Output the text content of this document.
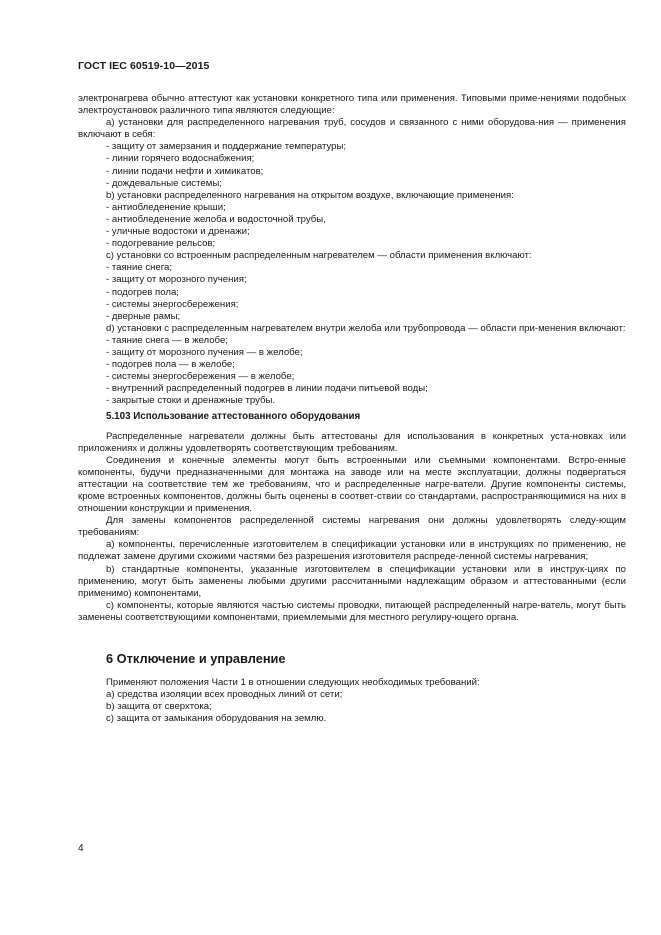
ГОСТ IEC 60519-10—2015

электронагрева обычно аттестуют как установки конкретного типа или применения. Типовыми приме-нениями подобных электроустановок различного типа являются следующие:

а) установки для распределенного нагревания труб, сосудов и связанного с ними оборудова-ния — применения включают в себя:

- защиту от замерзания и поддержание температуры;

- линии горячего водоснабжения;

- линии подачи нефти и химикатов;

- дождевальные системы;

b) установки распределенного нагревания на открытом воздухе, включающие применения:

- антиобледенение крыши;

- антиобледенение желоба и водосточной трубы,

- уличные водостоки и дренажи;

- подогревание рельсов;

с) установки со встроенным распределенным нагревателем — области применения включают:

- таяние снега;

- защиту от морозного пучения;

- подогрев пола;

- системы энергосбережения;

- дверные рамы;

d) установки с распределенным нагревателем внутри желоба или трубопровода — области при-менения включают:

- таяние снега — в желобе;

- защиту от морозного пучения — в желобе;

- подогрев пола — в желобе;

- системы энергосбережения — в желобе;

- внутренний распределенный подогрев в линии подачи питьевой воды;

- закрытые стоки и дренажные трубы.

5.103 Использование аттестованного оборудования

Распределенные нагреватели должны быть аттестованы для использования в конкретных уста-новках или приложениях и должны удовлетворять соответствующим требованиям.

Соединения и конечные элементы могут быть встроенными или съемными компонентами. Встро-енные компоненты, будучи предназначенными для монтажа на заводе или на месте эксплуатации, должны подвергаться аттестации на соответствие тем же требованиям, что и распределенные нагре-ватели. Другие компоненты системы, кроме встроенных компонентов, должны быть оценены в соответ-ствии со стандартами, распространяющимися на них в отношении конструкции и применения.

Для замены компонентов распределенной системы нагревания они должны удовлетворять следу-ющим требованиям:

а) компоненты, перечисленные изготовителем в спецификации установки или в инструкциях по применению, не подлежат замене другими схожими частями без разрешения изготовителя распреде-ленной системы нагревания;

b) стандартные компоненты, указанные изготовителем в спецификации установки или в инструк-циях по применению, могут быть заменены любыми другими рассчитанными надлежащим образом и аттестованными (если применимо) компонентами,

с) компоненты, которые являются частью системы проводки, питающей распределенный нагре-ватель, могут быть заменены соответствующими компонентами, приемлемыми для местного регулиру-ющего органа.

6 Отключение и управление

Применяют положения Части 1 в отношении следующих необходимых требований:

а) средства изоляции всех проводных линий от сети;

b) защита от сверхтока;

с) защита от замыкания оборудования на землю.

4
